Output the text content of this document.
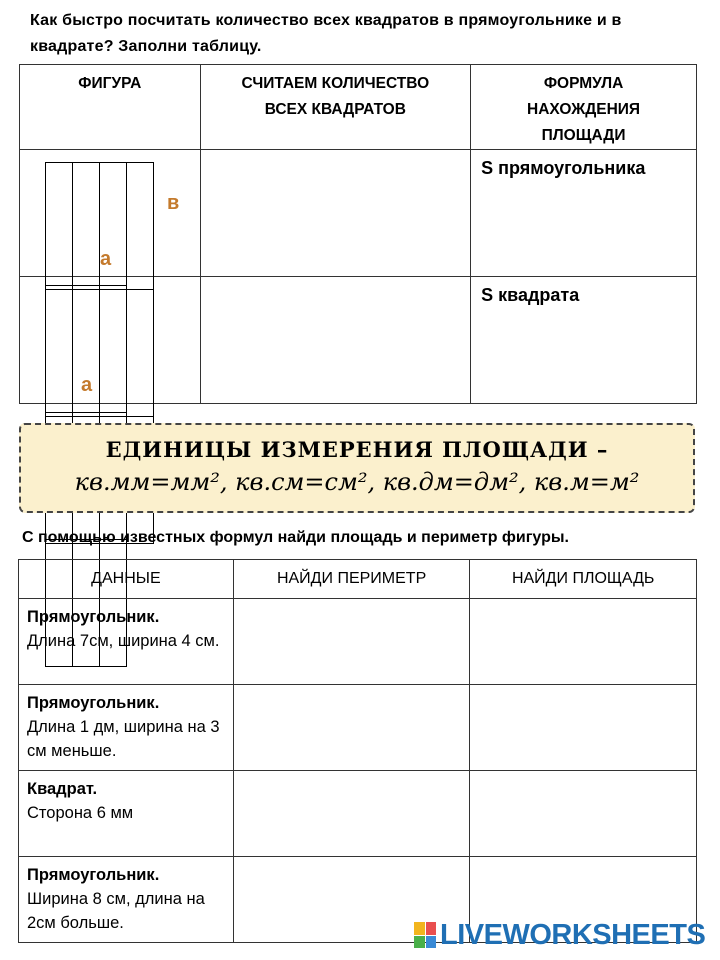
Как быстро посчитать количество всех квадратов в прямоугольнике и в квадрате? Заполни таблицу.
ФИГУРА	СЧИТАЕМ КОЛИЧЕСТВО ВСЕХ КВАДРАТОВ	ФОРМУЛА НАХОЖДЕНИЯ ПЛОЩАДИ

в
а
		S прямоугольника

а
		S квадрата
ЕДИНИЦЫ ИЗМЕРЕНИЯ ПЛОЩАДИ –
кв.мм=мм², кв.см=см², кв.дм=дм², кв.м=м²
С помощью известных формул найди площадь и периметр фигуры.
ДАННЫЕ	НАЙДИ ПЕРИМЕТР	НАЙДИ ПЛОЩАДЬ
Прямоугольник.
Длина 7см, ширина 4 см.		
Прямоугольник.
Длина 1 дм, ширина на 3 см меньше.		
Квадрат.
Сторона 6 мм		
Прямоугольник.
Ширина 8 см, длина на 2см больше.			LIVEWORKSHEETS
